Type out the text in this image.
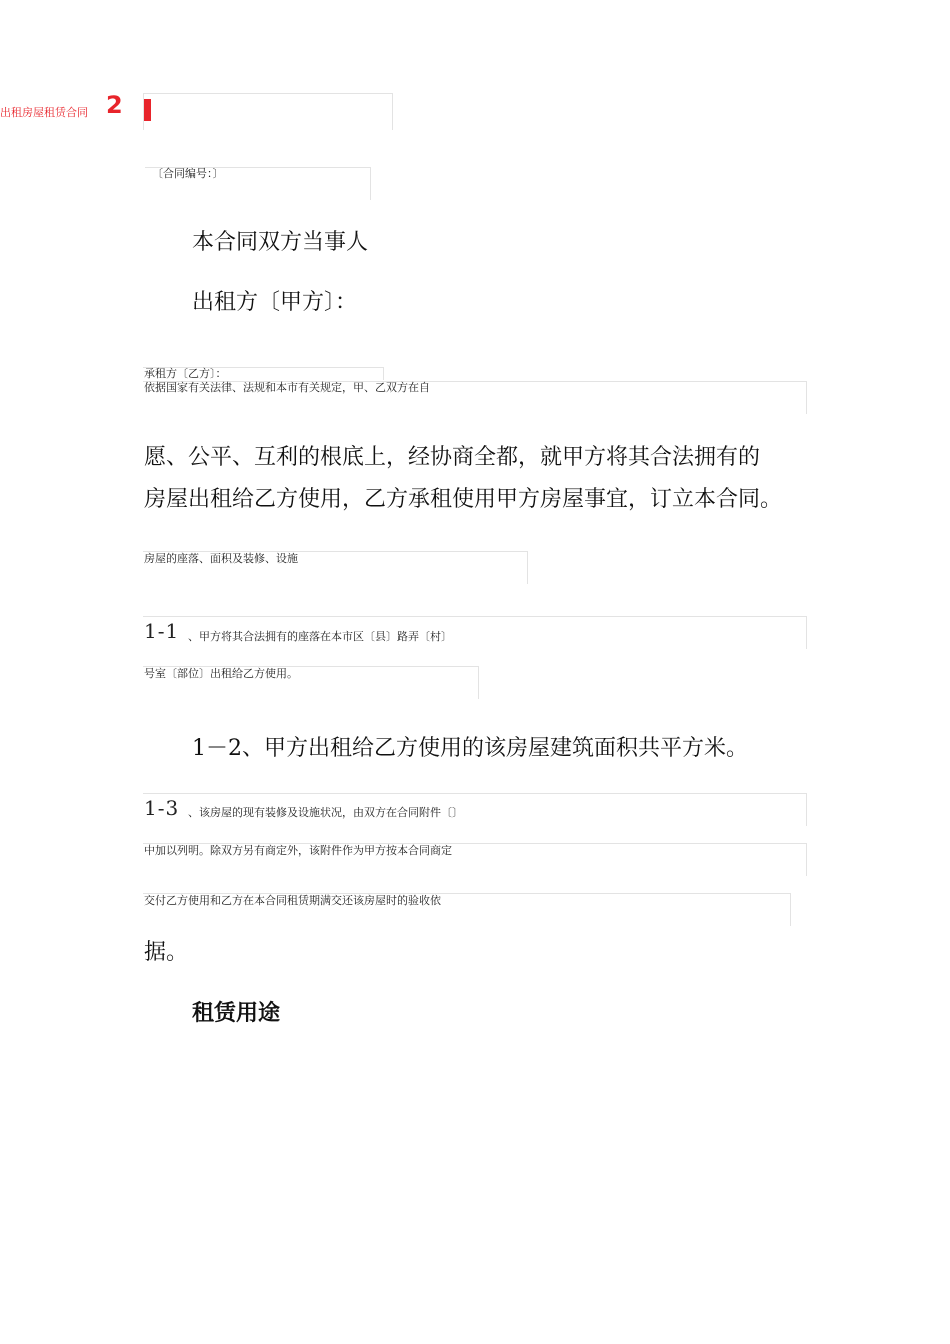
出租房屋租赁合同 2
〔合同编号：〕
本合同双方当事人
出租方〔甲方〕：
承租方〔乙方〕：
依据国家有关法律、法规和本市有关规定，甲、乙双方在自
愿、公平、互利的根底上，经协商全都，就甲方将其合法拥有的
房屋出租给乙方使用，乙方承租使用甲方房屋事宜，订立本合同。
房屋的座落、面积及装修、设施
1-1 、甲方将其合法拥有的座落在本市区〔县〕路弄〔村〕
号室〔部位〕出租给乙方使用。
1－2、甲方出租给乙方使用的该房屋建筑面积共平方米。
1-3 、该房屋的现有装修及设施状况，由双方在合同附件〔〕
中加以列明。除双方另有商定外，该附件作为甲方按本合同商定
交付乙方使用和乙方在本合同租赁期满交还该房屋时的验收依
据。
租赁用途
